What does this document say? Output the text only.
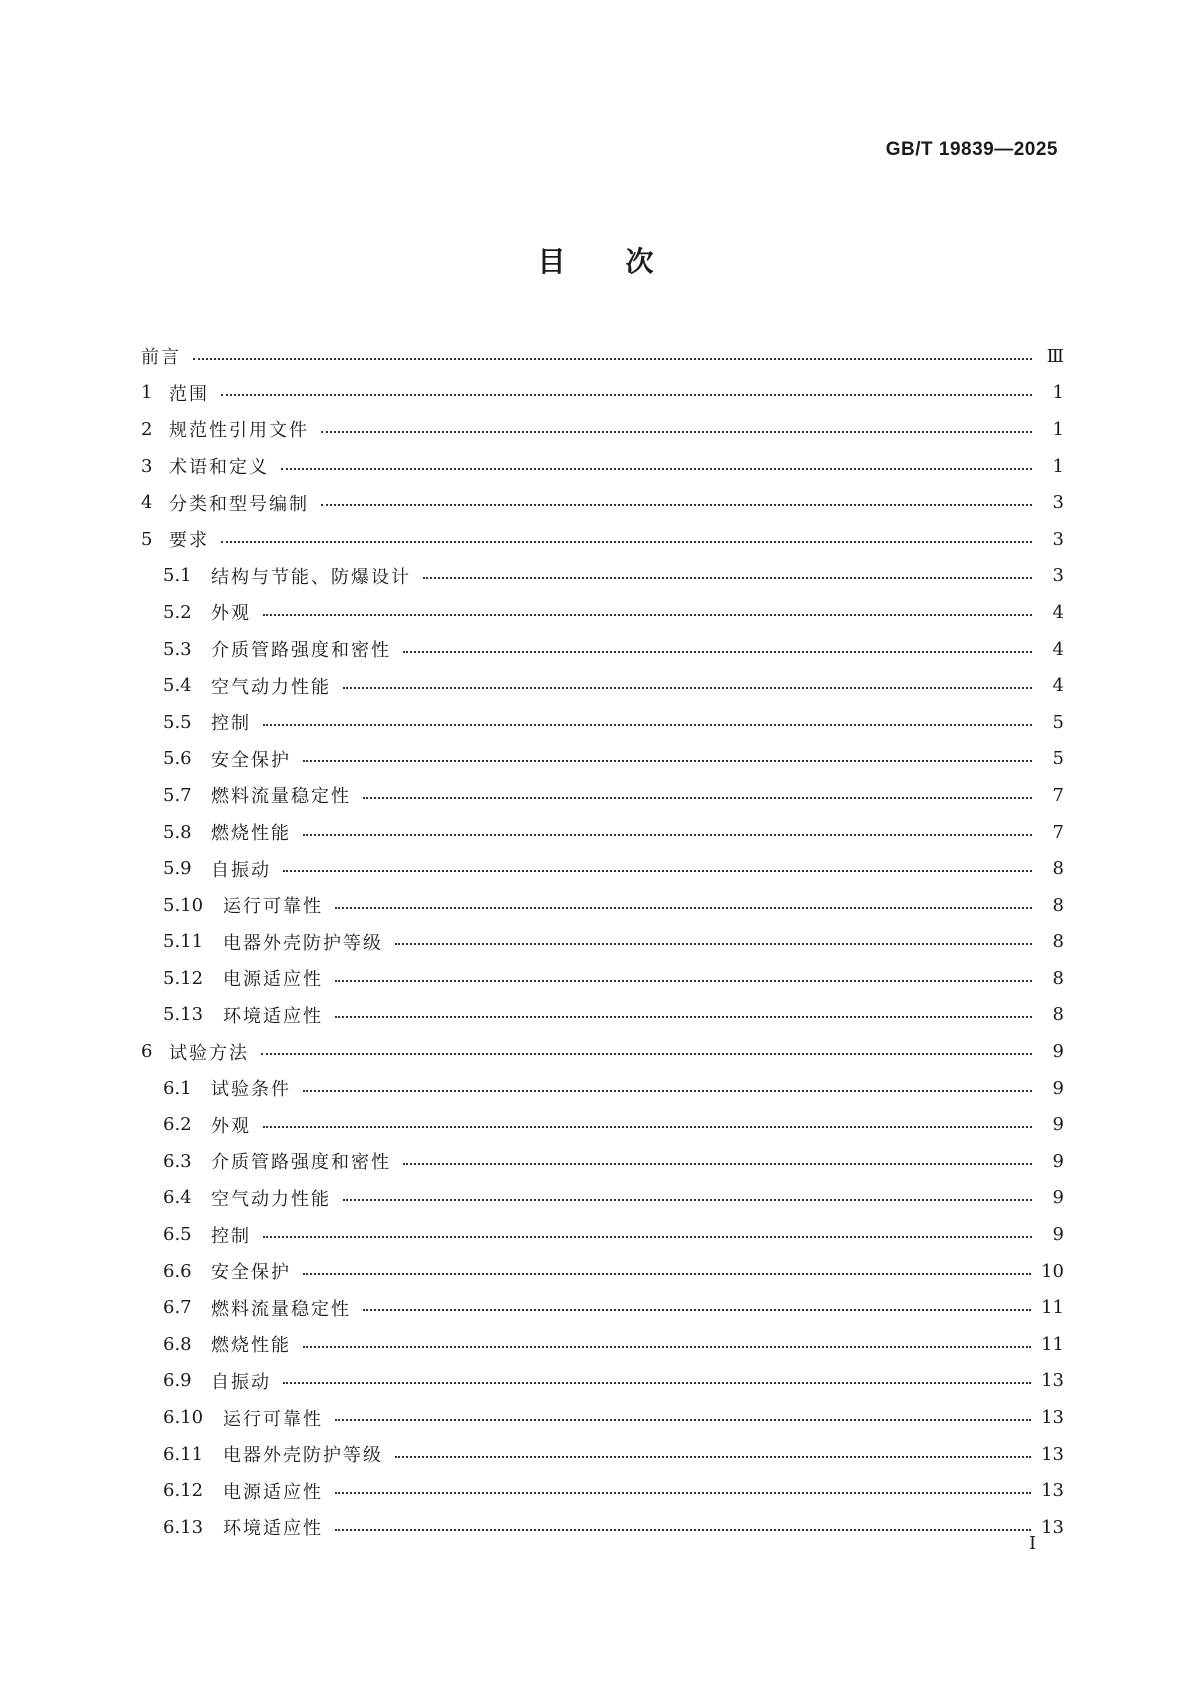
GB/T 19839—2025
目次
前言	Ⅲ
1 范围	1
2 规范性引用文件	1
3 术语和定义	1
4 分类和型号编制	3
5 要求	3
5.1	结构与节能、防爆设计	3
5.2	外观	4
5.3	介质管路强度和密性	4
5.4	空气动力性能	4
5.5	控制	5
5.6	安全保护	5
5.7	燃料流量稳定性	7
5.8	燃烧性能	7
5.9	自振动	8
5.10	运行可靠性	8
5.11	电器外壳防护等级	8
5.12	电源适应性	8
5.13	环境适应性	8
6 试验方法	9
6.1	试验条件	9
6.2	外观	9
6.3	介质管路强度和密性	9
6.4	空气动力性能	9
6.5	控制	9
6.6	安全保护	10
6.7	燃料流量稳定性	11
6.8	燃烧性能	11
6.9	自振动	13
6.10	运行可靠性	13
6.11	电器外壳防护等级	13
6.12	电源适应性	13
6.13	环境适应性	13
Ⅰ
